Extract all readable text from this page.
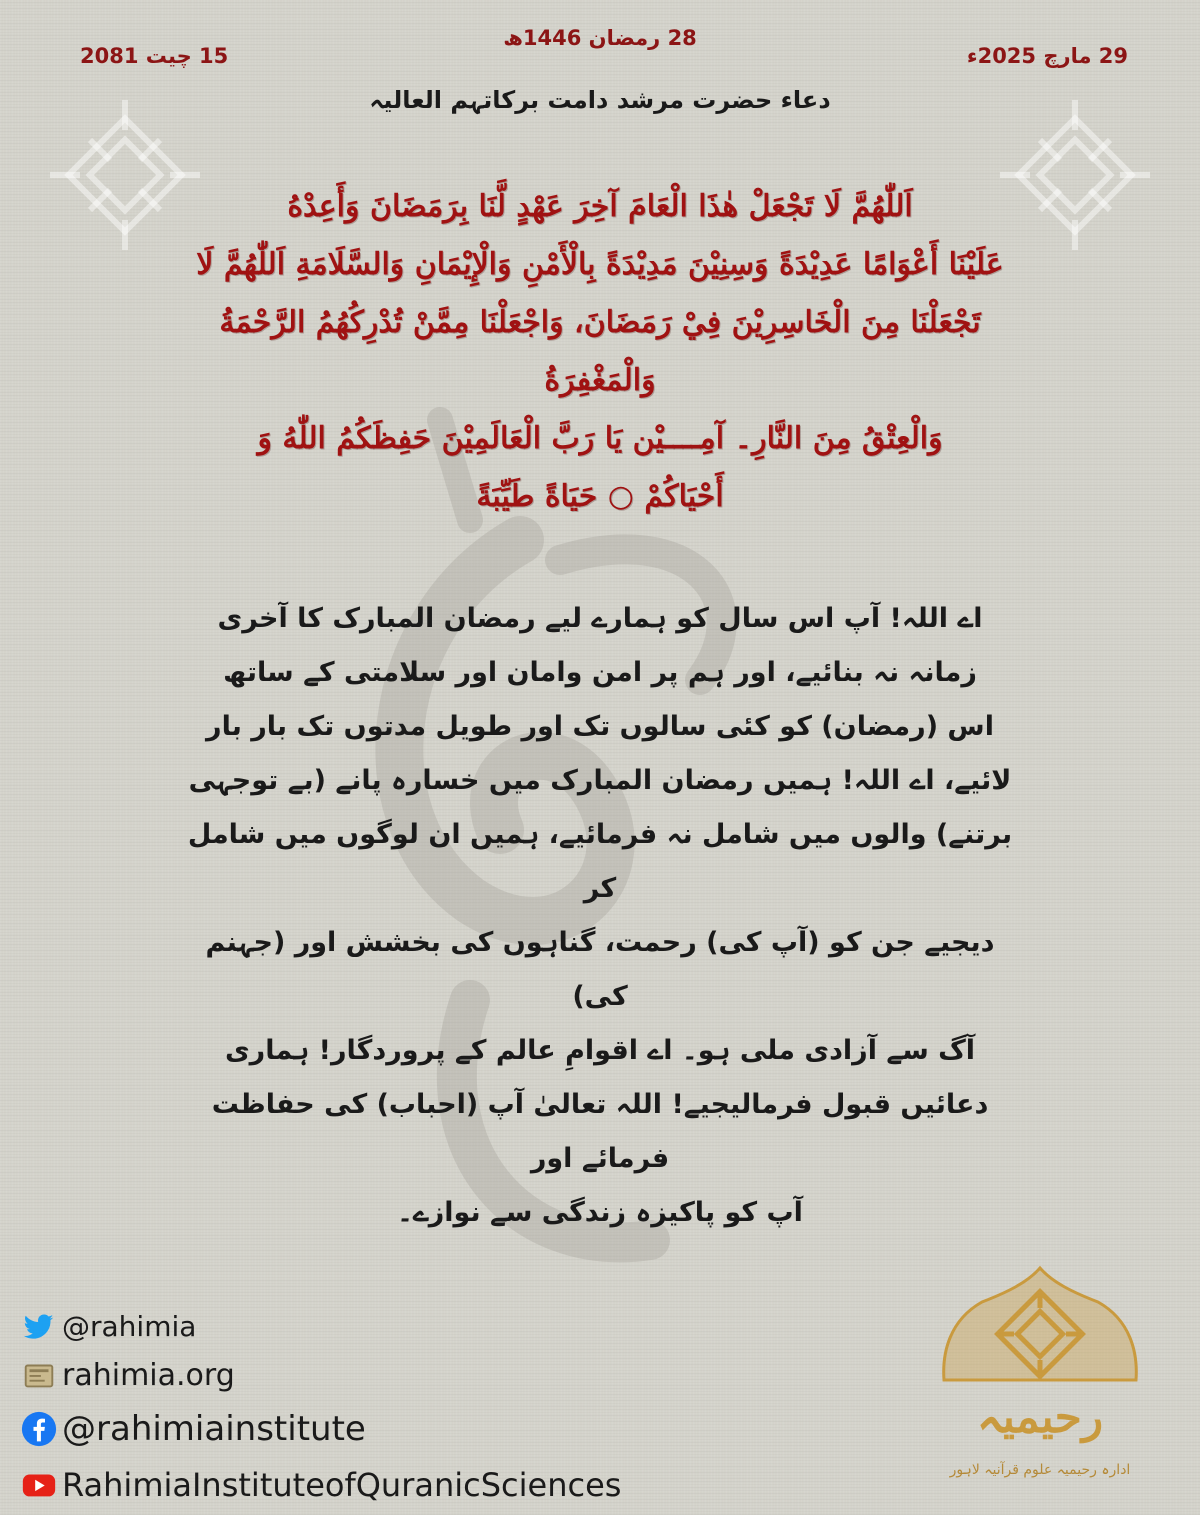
28 رمضان 1446ھ
29 مارچ 2025ء
15 چیت 2081
دعاء حضرت مرشد دامت برکاتہم العالیہ
اَللّٰهُمَّ لَا تَجْعَلْ هٰذَا الْعَامَ آخِرَ عَهْدٍ لَّنَا بِرَمَضَانَ وَأَعِدْهُ
عَلَيْنَا أَعْوَامًا عَدِيْدَةً وَسِنِيْنَ مَدِيْدَةً بِالْأَمْنِ وَالْإِيْمَانِ وَالسَّلَامَةِ اَللّٰهُمَّ لَا
تَجْعَلْنَا مِنَ الْخَاسِرِيْنَ فِيْ رَمَضَانَ، وَاجْعَلْنَا مِمَّنْ تُدْرِكُهُمُ الرَّحْمَةُ وَالْمَغْفِرَةُ
وَالْعِتْقُ مِنَ النَّارِ۔ آمِــــيْن يَا رَبَّ الْعَالَمِيْنَ حَفِظَكُمُ اللّٰهُ وَ
أَحْيَاكُمْ ○ حَيَاةً طَيِّبَةً
اے اللہ! آپ اس سال کو ہمارے لیے رمضان المبارک کا آخری
زمانہ نہ بنائیے، اور ہم پر امن وامان اور سلامتی کے ساتھ
اس (رمضان) کو کئی سالوں تک اور طویل مدتوں تک بار بار
لائیے، اے اللہ! ہمیں رمضان المبارک میں خسارہ پانے (بے توجہی
برتنے) والوں میں شامل نہ فرمائیے، ہمیں ان لوگوں میں شامل کر
دیجیے جن کو (آپ کی) رحمت، گناہوں کی بخشش اور (جہنم کی)
آگ سے آزادی ملی ہو۔ اے اقوامِ عالم کے پروردگار! ہماری
دعائیں قبول فرمالیجیے! اللہ تعالیٰ آپ (احباب) کی حفاظت فرمائے اور
آپ کو پاکیزہ زندگی سے نوازے۔
@rahimia
rahimia.org
@rahimiainstitute
RahimiaInstituteofQuranicSciences
رحیمیہ
ادارہ رحیمیہ علوم قرآنیہ لاہور
